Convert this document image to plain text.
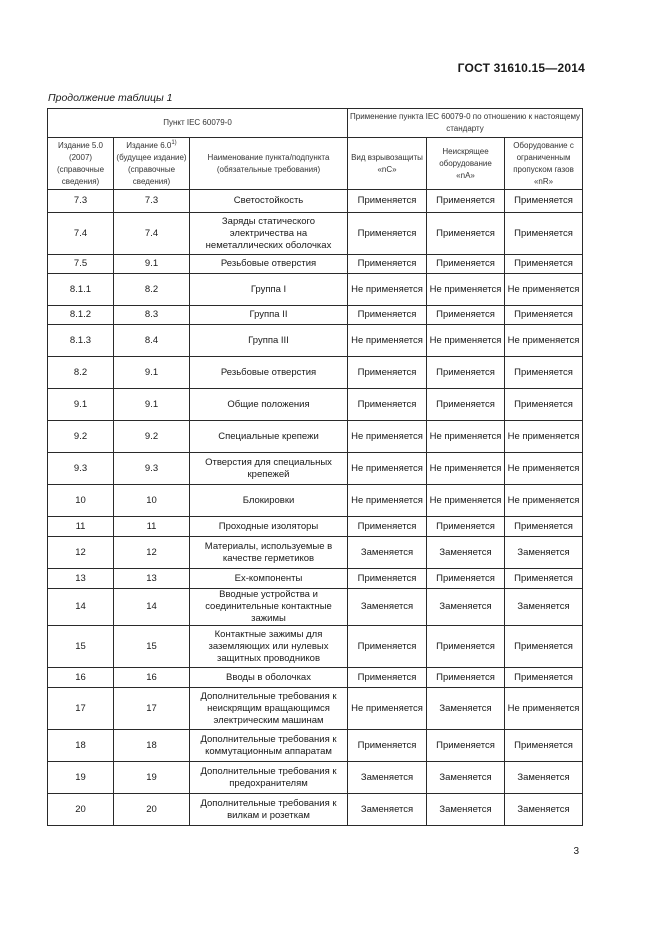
ГОСТ 31610.15—2014
Продолжение таблицы 1
Пункт IEC 60079-0			Применение пункта IEC 60079-0 по отношению к настоящему стандарту		
Издание 5.0 (2007) (справочные сведения)	Издание 6.0$^{1)}$ (будущее издание) (справочные сведения)	Наименование пункта/подпункта (обязательные требования)	Вид взрывозащиты «nC»	Неискрящее оборудование «nA»	Оборудование с ограниченным пропуском газов «nR»
7.3	7.3	Светостойкость	Применяется	Применяется	Применяется
7.4	7.4	Заряды статического электричества на неметаллических оболочках	Применяется	Применяется	Применяется
7.5	9.1	Резьбовые отверстия	Применяется	Применяется	Применяется
8.1.1	8.2	Группа I	Не применяется	Не применяется	Не применяется
8.1.2	8.3	Группа II	Применяется	Применяется	Применяется
8.1.3	8.4	Группа III	Не применяется	Не применяется	Не применяется
8.2	9.1	Резьбовые отверстия	Применяется	Применяется	Применяется
9.1	9.1	Общие положения	Применяется	Применяется	Применяется
9.2	9.2	Специальные крепежи	Не применяется	Не применяется	Не применяется
9.3	9.3	Отверстия для специальных крепежей	Не применяется	Не применяется	Не применяется
10	10	Блокировки	Не применяется	Не применяется	Не применяется
11	11	Проходные изоляторы	Применяется	Применяется	Применяется
12	12	Материалы, используемые в качестве герметиков	Заменяется	Заменяется	Заменяется
13	13	Ex-компоненты	Применяется	Применяется	Применяется
14	14	Вводные устройства и соединительные контактные зажимы	Заменяется	Заменяется	Заменяется
15	15	Контактные зажимы для заземляющих или нулевых защитных проводников	Применяется	Применяется	Применяется
16	16	Вводы в оболочках	Применяется	Применяется	Применяется
17	17	Дополнительные требования к неискрящим вращающимся электрическим машинам	Не применяется	Заменяется	Не применяется
18	18	Дополнительные требования к коммутационным аппаратам	Применяется	Применяется	Применяется
19	19	Дополнительные требования к предохранителям	Заменяется	Заменяется	Заменяется
20	20	Дополнительные требования к вилкам и розеткам	Заменяется	Заменяется	Заменяется
3
